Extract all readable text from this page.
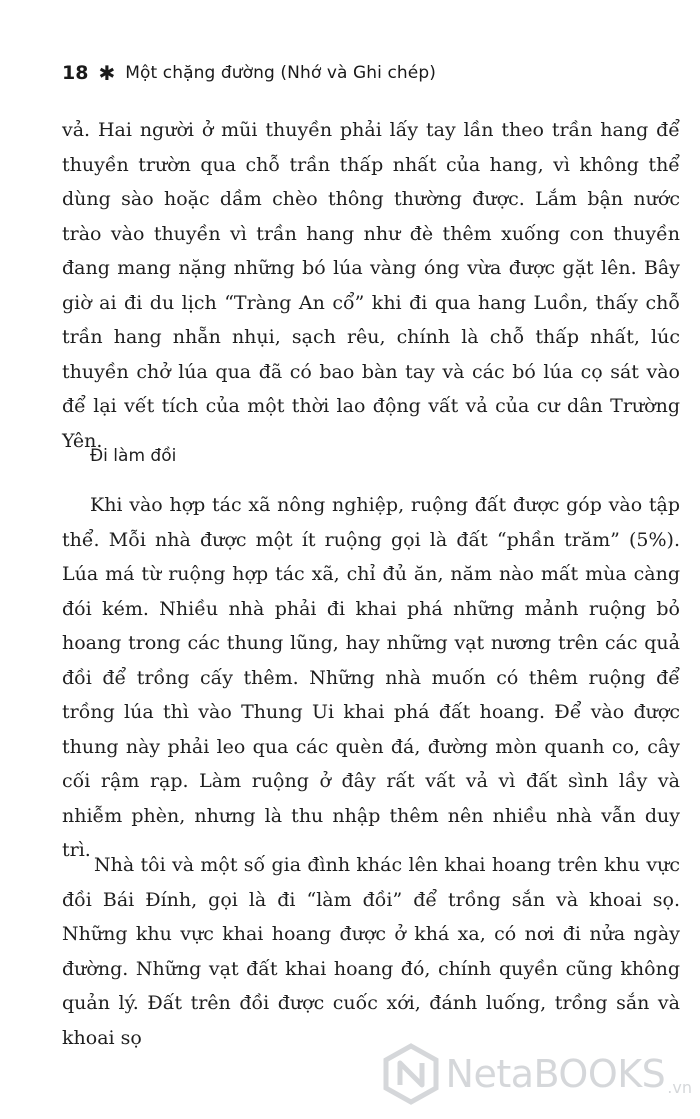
18 ✱ Một chặng đường (Nhớ và Ghi chép)
vả. Hai người ở mũi thuyền phải lấy tay lần theo trần hang để thuyền trườn qua chỗ trần thấp nhất của hang, vì không thể dùng sào hoặc dầm chèo thông thường được. Lắm bận nước trào vào thuyền vì trần hang như đè thêm xuống con thuyền đang mang nặng những bó lúa vàng óng vừa được gặt lên. Bây giờ ai đi du lịch “Tràng An cổ” khi đi qua hang Luồn, thấy chỗ trần hang nhẵn nhụi, sạch rêu, chính là chỗ thấp nhất, lúc thuyền chở lúa qua đã có bao bàn tay và các bó lúa cọ sát vào để lại vết tích của một thời lao động vất vả của cư dân Trường Yên.
Đi làm đồi
Khi vào hợp tác xã nông nghiệp, ruộng đất được góp vào tập thể. Mỗi nhà được một ít ruộng gọi là đất “phần trăm” (5%). Lúa má từ ruộng hợp tác xã, chỉ đủ ăn, năm nào mất mùa càng đói kém. Nhiều nhà phải đi khai phá những mảnh ruộng bỏ hoang trong các thung lũng, hay những vạt nương trên các quả đồi để trồng cấy thêm. Những nhà muốn có thêm ruộng để trồng lúa thì vào Thung Ui khai phá đất hoang. Để vào được thung này phải leo qua các quèn đá, đường mòn quanh co, cây cối rậm rạp. Làm ruộng ở đây rất vất vả vì đất sình lầy và nhiễm phèn, nhưng là thu nhập thêm nên nhiều nhà vẫn duy trì.
Nhà tôi và một số gia đình khác lên khai hoang trên khu vực đồi Bái Đính, gọi là đi “làm đồi” để trồng sắn và khoai sọ. Những khu vực khai hoang được ở khá xa, có nơi đi nửa ngày đường. Những vạt đất khai hoang đó, chính quyền cũng không quản lý. Đất trên đồi được cuốc xới, đánh luống, trồng sắn và khoai sọ
NetaBOOKS .vn
